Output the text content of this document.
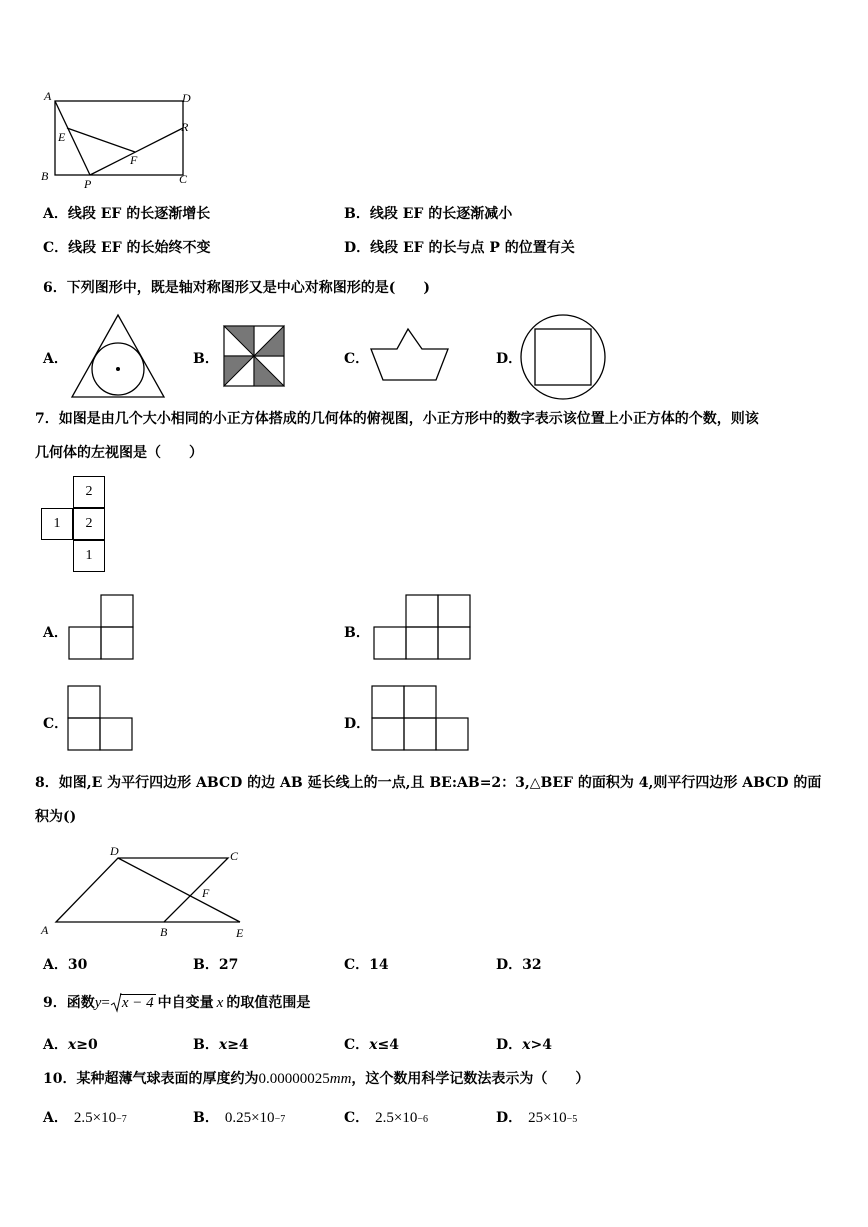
A	D
E
R
F
B	C
P
A．线段 EF 的长逐渐增长	B．线段 EF 的长逐渐减小
C．线段 EF 的长始终不变	D．线段 EF 的长与点 P 的位置有关
6．下列图形中，既是轴对称图形又是中心对称图形的是(　　)
A．	B．	C．	D．
7．如图是由几个大小相同的小正方体搭成的几何体的俯视图，小正方形中的数字表示该位置上小正方体的个数，则该
几何体的左视图是（　　）
2
1	2
1
A．	B．
C．	D．
8．如图,E 为平行四边形 ABCD 的边 AB 延长线上的一点,且 BE:AB=2：3,△BEF 的面积为 4,则平行四边形 ABCD 的面
积为()
D	C
F
A	B	E
A．30	B．27	C．14	D．32
9．函数 y = x − 4 中自变量 x 的取值范围是
A．x≥0	B．x≥4	C．x≤4	D．x>4
10．某种超薄气球表面的厚度约为 0.00000025 mm ，这个数用科学记数法表示为（　　）
A． 2.5×10 −7	B． 0.25×10 −7	C． 2.5×10 −6	D． 25×10 −5
